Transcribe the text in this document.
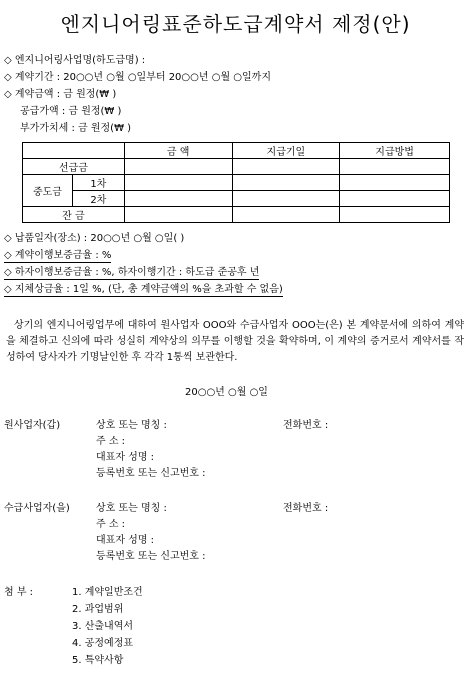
엔지니어링표준하도급계약서 제정(안)
◇ 엔지니어링사업명(하도급명) :
◇ 계약기간 : 20○○년 ○월 ○일부터 20○○년 ○월 ○일까지
◇ 계약금액 : 금 원정(₩ )
공급가액 : 금 원정(₩ )
부가가치세 : 금 원정(₩ )
		금 액	지급기일	지급방법
선급금				
중도금	1차			
	2차			
잔 금				
◇ 납품일자(장소) : 20○○년 ○월 ○일( )
◇ 계약이행보증금율 : %
◇ 하자이행보증금율 : %, 하자이행기간 : 하도급 준공후 년
◇ 지체상금율 : 1일 %, (단, 총 계약금액의 %을 초과할 수 없음)
상기의 엔지니어링업무에 대하여 원사업자 OOO와 수급사업자 OOO는(은) 본 계약문서에 의하여 계약을 체결하고 신의에 따라 성실히 계약상의 의무를 이행할 것을 확약하며, 이 계약의 증거로서 계약서를 작성하여 당사자가 기명날인한 후 각각 1통씩 보관한다.
20○○년 ○월 ○일
원사업자(갑)	상호 또는 명칭 :	전화번호 :
주 소 :
대표자 성명 :
등록번호 또는 신고번호 :
수급사업자(을)	상호 또는 명칭 :	전화번호 :
주 소 :
대표자 성명 :
등록번호 또는 신고번호 :
첨 부 :	1. 계약일반조건
2. 과업범위
3. 산출내역서
4. 공정예정표
5. 특약사항
